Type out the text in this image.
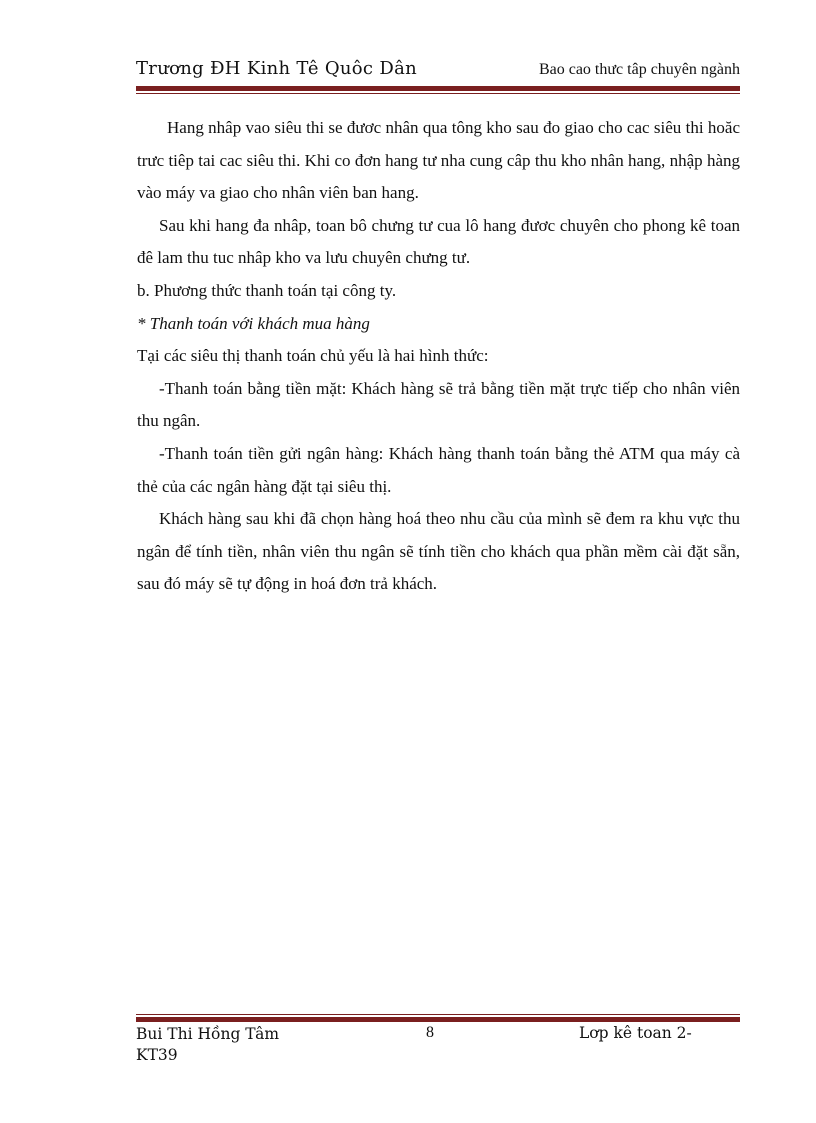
Trương ĐH Kinh Tê Quôc Dân	Bao cao thưc tâp chuyên ngành

Hang nhâp vao siêu thi se đươc nhân qua tông kho sau đo giao cho cac siêu thi hoăc trưc tiêp tai cac siêu thi. Khi co đơn hang tư nha cung câp thu kho nhân hang, nhập hàng vào máy va giao cho nhân viên ban hang.

Sau khi hang đa nhâp, toan bô chưng tư cua lô hang đươc chuyên cho phong kê toan đê lam thu tuc nhâp kho va lưu chuyên chưng tư.

b. Phương thức thanh toán tại công ty.

* Thanh toán với khách mua hàng

Tại các siêu thị thanh toán chủ yếu là hai hình thức:

-Thanh toán bằng tiền mặt: Khách hàng sẽ trả bằng tiền mặt trực tiếp cho nhân viên thu ngân.

-Thanh toán tiền gửi ngân hàng: Khách hàng thanh toán bằng thẻ ATM qua máy cà thẻ của các ngân hàng đặt tại siêu thị.

Khách hàng sau khi đã chọn hàng hoá theo nhu cầu của mình sẽ đem ra khu vực thu ngân để tính tiền, nhân viên thu ngân sẽ tính tiền cho khách qua phần mềm cài đặt sẵn, sau đó máy sẽ tự động in hoá đơn trả khách.

Bui Thi Hồng Tâm
KT39
8	Lơp kê toan 2-
